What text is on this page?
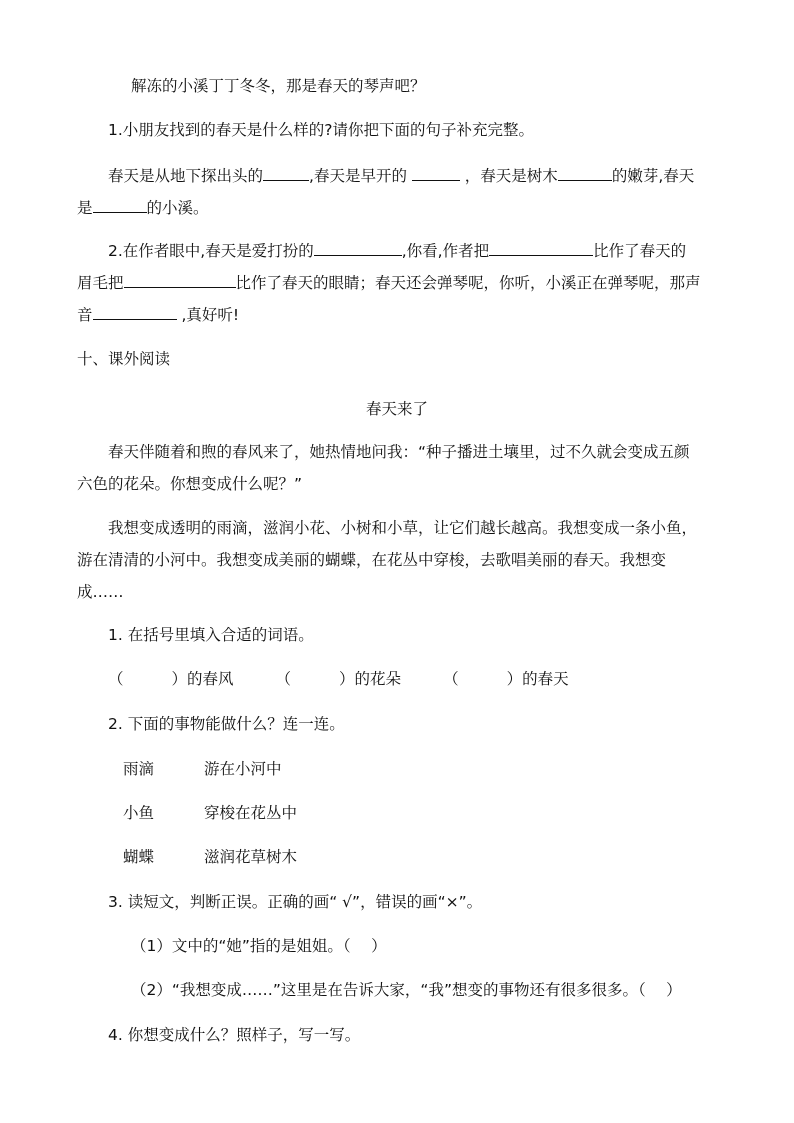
解冻的小溪丁丁冬冬，那是春天的琴声吧？
1.小朋友找到的春天是什么样的?请你把下面的句子补充完整。
春天是从地下探出头的	,春天是早开的	，春天是树木	的嫩芽,春天
是	的小溪。
2.在作者眼中,春天是爱打扮的	,你看,作者把	比作了春天的
眉毛把	比作了春天的眼睛；春天还会弹琴呢，你听，小溪正在弹琴呢，那声
音	,真好听!
十、课外阅读
春天来了
春天伴随着和煦的春风来了，她热情地问我：“种子播进土壤里，过不久就会变成五颜
六色的花朵。你想变成什么呢？”
我想变成透明的雨滴，滋润小花、小树和小草，让它们越长越高。我想变成一条小鱼，
游在清清的小河中。我想变成美丽的蝴蝶，在花丛中穿梭，去歌唱美丽的春天。我想变
成……
1. 在括号里填入合适的词语。
（	）的春风	（	）的花朵	（	）的春天
2. 下面的事物能做什么？连一连。
雨滴	游在小河中
小鱼	穿梭在花丛中
蝴蝶	滋润花草树木
3. 读短文，判断正误。正确的画“ √”，错误的画“×”。
（1）文中的“她”指的是姐姐。（　 ）
（2）“我想变成……”这里是在告诉大家，“我”想变的事物还有很多很多。（　 ）
4. 你想变成什么？照样子，写一写。
